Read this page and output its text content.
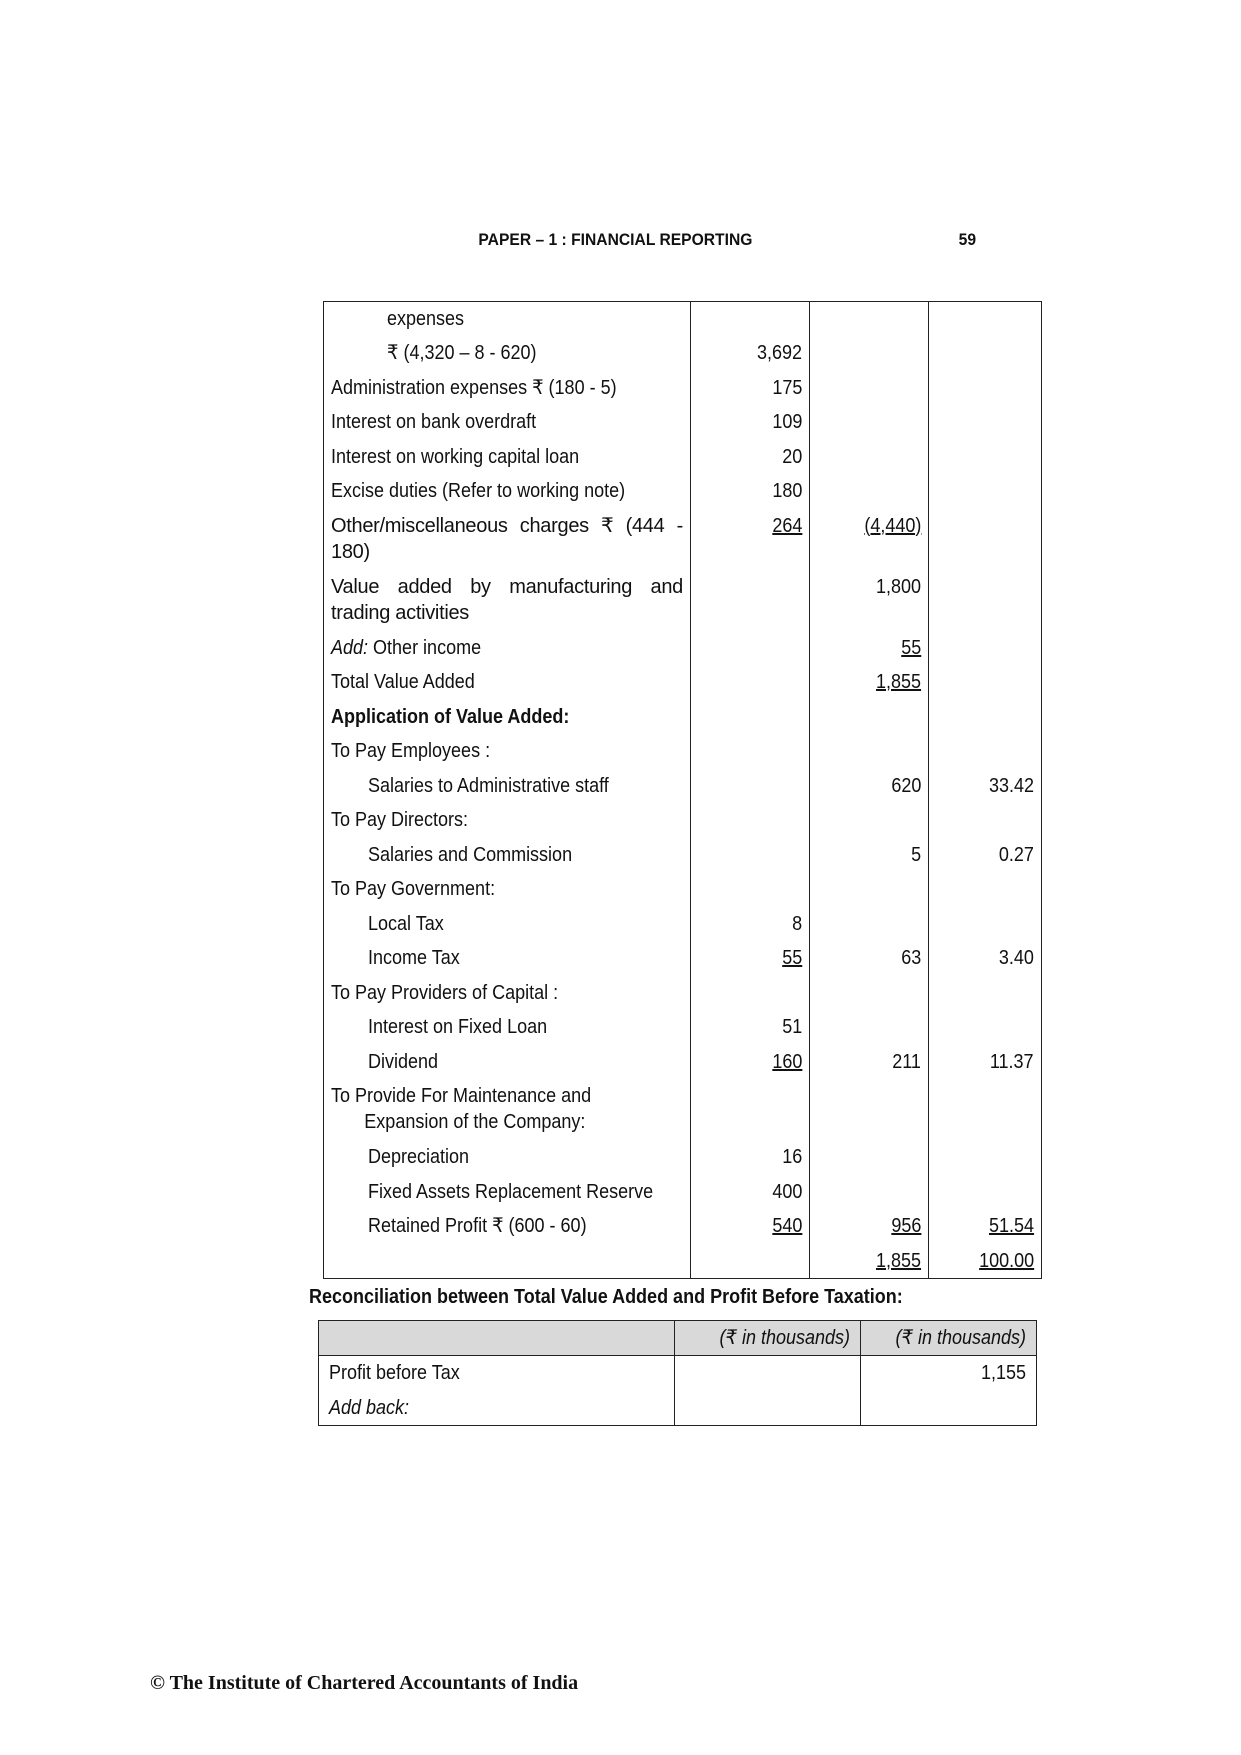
PAPER – 1 : FINANCIAL REPORTING	59
expenses			
₹ (4,320 – 8 - 620)	3,692		
Administration expenses ₹ (180 - 5)	175		
Interest on bank overdraft	109		
Interest on working capital loan	20		
Excise duties (Refer to working note)	180		
Other/miscellaneous charges ₹ (444 - 180)	264	(4,440)	
Value added by manufacturing and trading activities		1,800	
Add: Other income		55	
Total Value Added		1,855	
Application of Value Added:			
To Pay Employees :			
Salaries to Administrative staff		620	33.42
To Pay Directors:			
Salaries and Commission		5	0.27
To Pay Government:			
Local Tax	8		
Income Tax	55	63	3.40
To Pay Providers of Capital :			
Interest on Fixed Loan	51		
Dividend	160	211	11.37
To Provide For Maintenance and
Expansion of the Company:			
Depreciation	16		
Fixed Assets Replacement Reserve	400		
Retained Profit ₹ (600 - 60)	540	956	51.54
		1,855	100.00
Reconciliation between Total Value Added and Profit Before Taxation:
	(₹ in thousands)	(₹ in thousands)
Profit before Tax		1,155
Add back:		
© The Institute of Chartered Accountants of India
